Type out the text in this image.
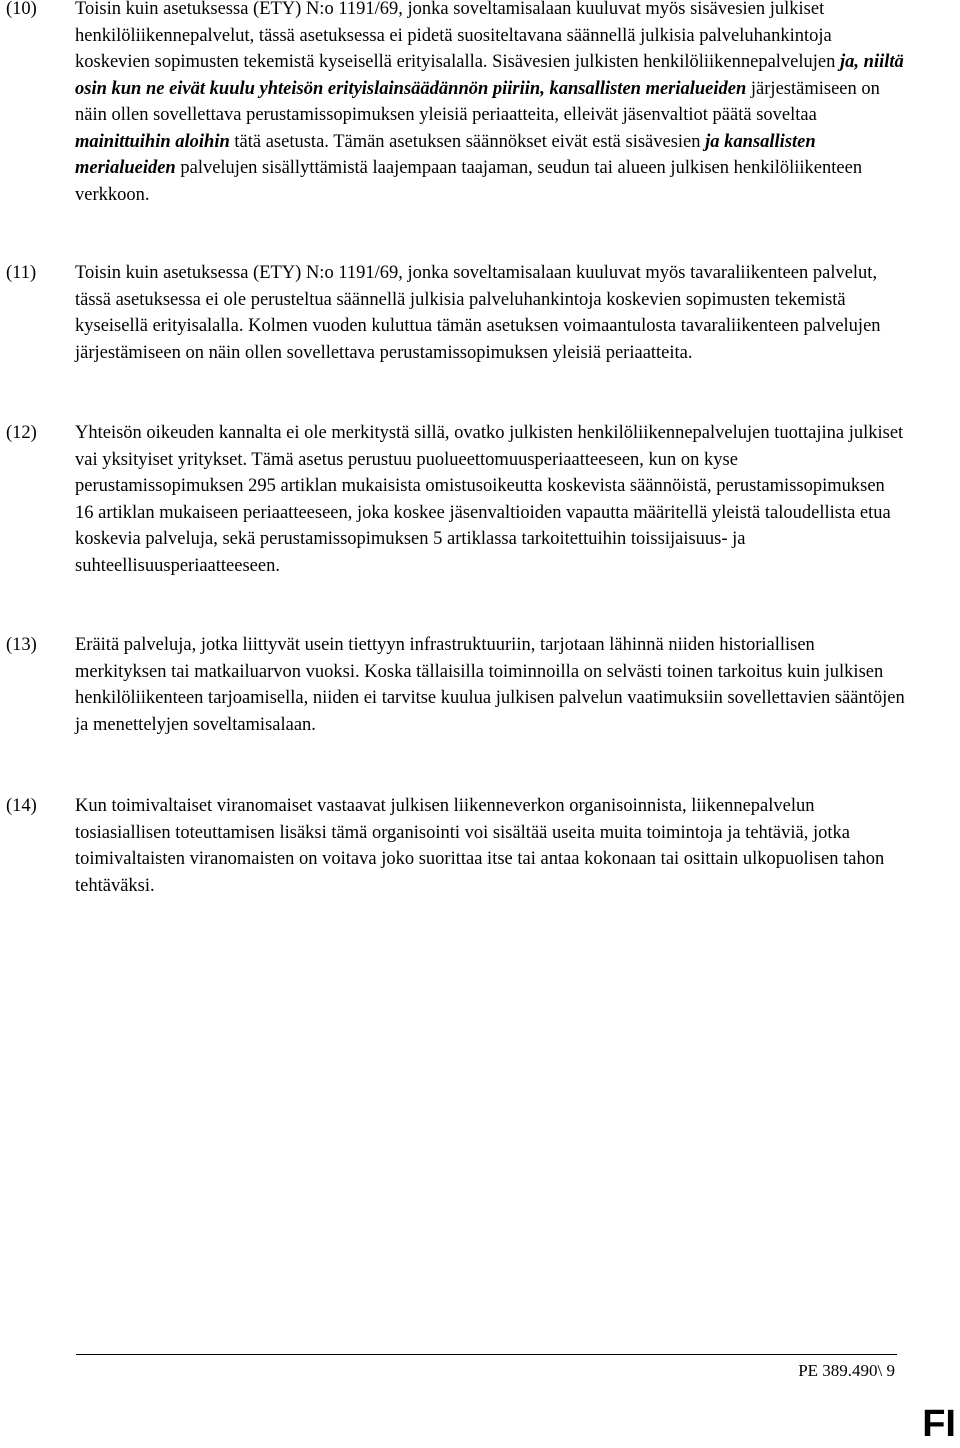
(10)	Toisin kuin asetuksessa (ETY) N:o 1191/69, jonka soveltamisalaan kuuluvat myös sisävesien julkiset henkilöliikennepalvelut, tässä asetuksessa ei pidetä suositeltavana säännellä julkisia palveluhankintoja koskevien sopimusten tekemistä kyseisellä erityisalalla. Sisävesien julkisten henkilöliikennepalvelujen ja, niiltä osin kun ne eivät kuulu yhteisön erityislainsäädännön piiriin, kansallisten merialueiden järjestämiseen on näin ollen sovellettava perustamissopimuksen yleisiä periaatteita, elleivät jäsenvaltiot päätä soveltaa mainittuihin aloihin tätä asetusta. Tämän asetuksen säännökset eivät estä sisävesien ja kansallisten merialueiden palvelujen sisällyttämistä laajempaan taajaman, seudun tai alueen julkisen henkilöliikenteen verkkoon.
(11)	Toisin kuin asetuksessa (ETY) N:o 1191/69, jonka soveltamisalaan kuuluvat myös tavaraliikenteen palvelut, tässä asetuksessa ei ole perusteltua säännellä julkisia palveluhankintoja koskevien sopimusten tekemistä kyseisellä erityisalalla. Kolmen vuoden kuluttua tämän asetuksen voimaantulosta tavaraliikenteen palvelujen järjestämiseen on näin ollen sovellettava perustamissopimuksen yleisiä periaatteita.
(12)	Yhteisön oikeuden kannalta ei ole merkitystä sillä, ovatko julkisten henkilöliikennepalvelujen tuottajina julkiset vai yksityiset yritykset. Tämä asetus perustuu puolueettomuusperiaatteeseen, kun on kyse perustamissopimuksen 295 artiklan mukaisista omistusoikeutta koskevista säännöistä, perustamissopimuksen 16 artiklan mukaiseen periaatteeseen, joka koskee jäsenvaltioiden vapautta määritellä yleistä taloudellista etua koskevia palveluja, sekä perustamissopimuksen 5 artiklassa tarkoitettuihin toissijaisuus- ja suhteellisuusperiaatteeseen.
(13)	Eräitä palveluja, jotka liittyvät usein tiettyyn infrastruktuuriin, tarjotaan lähinnä niiden historiallisen merkityksen tai matkailuarvon vuoksi. Koska tällaisilla toiminnoilla on selvästi toinen tarkoitus kuin julkisen henkilöliikenteen tarjoamisella, niiden ei tarvitse kuulua julkisen palvelun vaatimuksiin sovellettavien sääntöjen ja menettelyjen soveltamisalaan.
(14)	Kun toimivaltaiset viranomaiset vastaavat julkisen liikenneverkon organisoinnista, liikennepalvelun tosiasiallisen toteuttamisen lisäksi tämä organisointi voi sisältää useita muita toimintoja ja tehtäviä, jotka toimivaltaisten viranomaisten on voitava joko suorittaa itse tai antaa kokonaan tai osittain ulkopuolisen tahon tehtäväksi.
PE 389.490\ 9
FI
